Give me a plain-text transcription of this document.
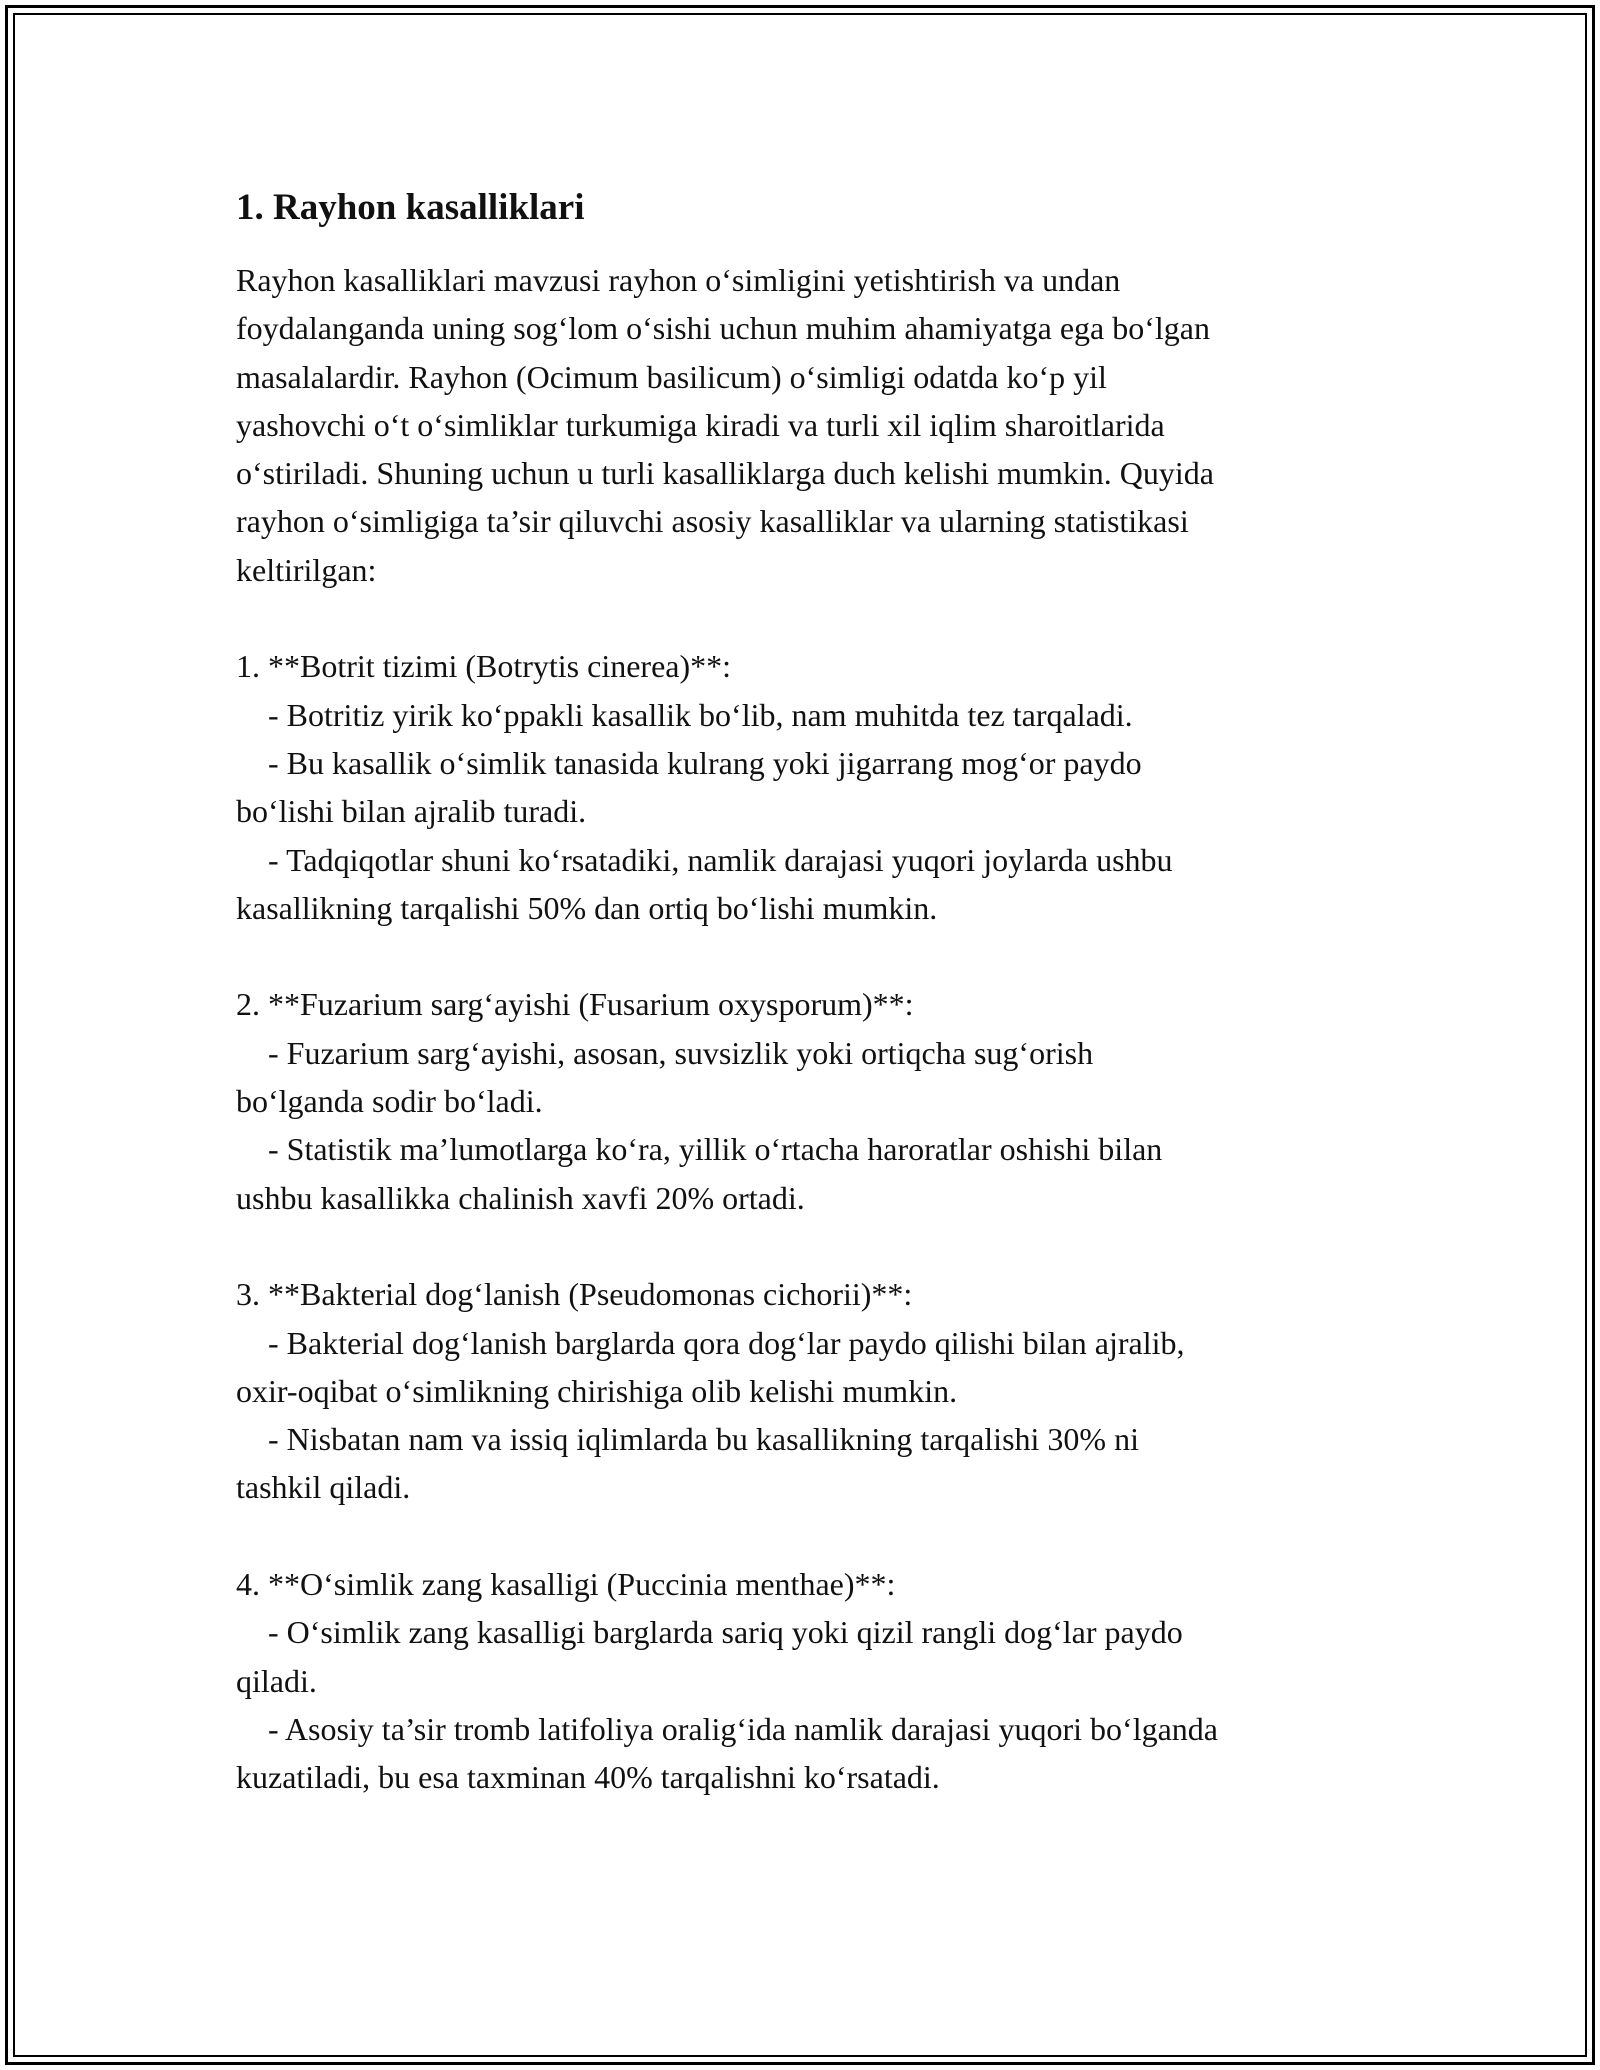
1. Rayhon kasalliklari

Rayhon kasalliklari mavzusi rayhon o‘simligini yetishtirish va undan
foydalanganda uning sog‘lom o‘sishi uchun muhim ahamiyatga ega bo‘lgan
masalalardir. Rayhon (Ocimum basilicum) o‘simligi odatda ko‘p yil
yashovchi o‘t o‘simliklar turkumiga kiradi va turli xil iqlim sharoitlarida
o‘stiriladi. Shuning uchun u turli kasalliklarga duch kelishi mumkin. Quyida
rayhon o‘simligiga ta’sir qiluvchi asosiy kasalliklar va ularning statistikasi
keltirilgan:

1. **Botrit tizimi (Botrytis cinerea)**:
- Botritiz yirik ko‘ppakli kasallik bo‘lib, nam muhitda tez tarqaladi.
- Bu kasallik o‘simlik tanasida kulrang yoki jigarrang mog‘or paydo
bo‘lishi bilan ajralib turadi.
- Tadqiqotlar shuni ko‘rsatadiki, namlik darajasi yuqori joylarda ushbu
kasallikning tarqalishi 50% dan ortiq bo‘lishi mumkin.

2. **Fuzarium sarg‘ayishi (Fusarium oxysporum)**:
- Fuzarium sarg‘ayishi, asosan, suvsizlik yoki ortiqcha sug‘orish
bo‘lganda sodir bo‘ladi.
- Statistik ma’lumotlarga ko‘ra, yillik o‘rtacha haroratlar oshishi bilan
ushbu kasallikka chalinish xavfi 20% ortadi.

3. **Bakterial dog‘lanish (Pseudomonas cichorii)**:
- Bakterial dog‘lanish barglarda qora dog‘lar paydo qilishi bilan ajralib,
oxir-oqibat o‘simlikning chirishiga olib kelishi mumkin.
- Nisbatan nam va issiq iqlimlarda bu kasallikning tarqalishi 30% ni
tashkil qiladi.

4. **O‘simlik zang kasalligi (Puccinia menthae)**:
- O‘simlik zang kasalligi barglarda sariq yoki qizil rangli dog‘lar paydo
qiladi.
- Asosiy ta’sir tromb latifoliya oralig‘ida namlik darajasi yuqori bo‘lganda
kuzatiladi, bu esa taxminan 40% tarqalishni ko‘rsatadi.
